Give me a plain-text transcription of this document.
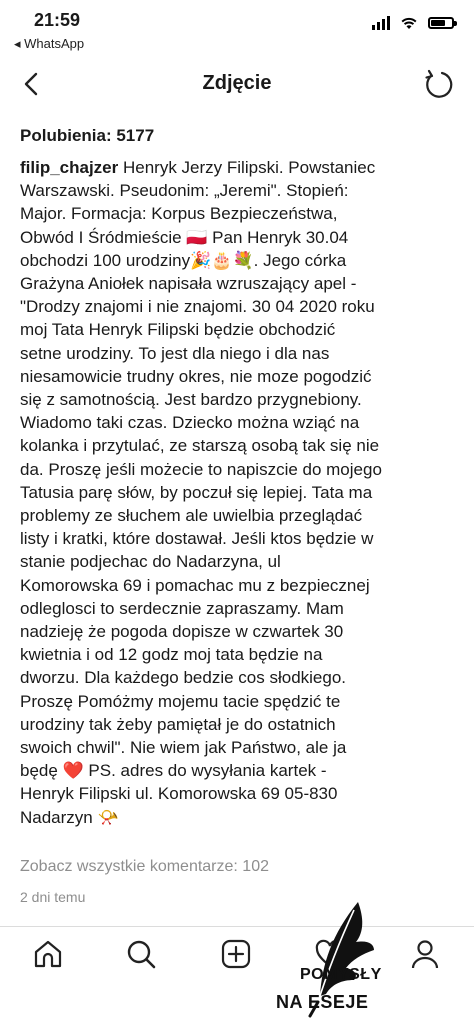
21:59
◂ WhatsApp
Zdjęcie
Polubienia: 5177
filip_chajzer Henryk Jerzy Filipski. Powstaniec
Warszawski. Pseudonim: „Jeremi". Stopień:
Major. Formacja: Korpus Bezpieczeństwa,
Obwód I Śródmieście 🇵🇱 Pan Henryk 30.04
obchodzi 100 urodziny🎉🎂💐. Jego córka
Grażyna Aniołek napisała wzruszający apel -
"Drodzy znajomi i nie znajomi. 30 04 2020 roku
moj Tata Henryk Filipski będzie obchodzić
setne urodziny. To jest dla niego i dla nas
niesamowicie trudny okres, nie moze pogodzić
się z samotnością. Jest bardzo przygnebiony.
Wiadomo taki czas. Dziecko można wziąć na
kolanka i przytulać, ze starszą osobą tak się nie
da. Proszę jeśli możecie to napiszcie do mojego
Tatusia parę słów, by poczuł się lepiej. Tata ma
problemy ze słuchem ale uwielbia przeglądać
listy i kratki, które dostawał. Jeśli ktos będzie w
stanie podjechac do Nadarzyna, ul
Komorowska 69 i pomachac mu z bezpiecznej
odleglosci to serdecznie zapraszamy. Mam
nadzieję że pogoda dopisze w czwartek 30
kwietnia i od 12 godz moj tata będzie na
dworzu. Dla każdego bedzie cos słodkiego.
Proszę Pomóżmy mojemu tacie spędzić te
urodziny tak żeby pamiętał je do ostatnich
swoich chwil". Nie wiem jak Państwo, ale ja
będę ❤️ PS. adres do wysyłania kartek -
Henryk Filipski ul. Komorowska 69 05-830
Nadarzyn 📯
Zobacz wszystkie komentarze: 102
2 dni temu
POMYSŁY
NA ESEJE
